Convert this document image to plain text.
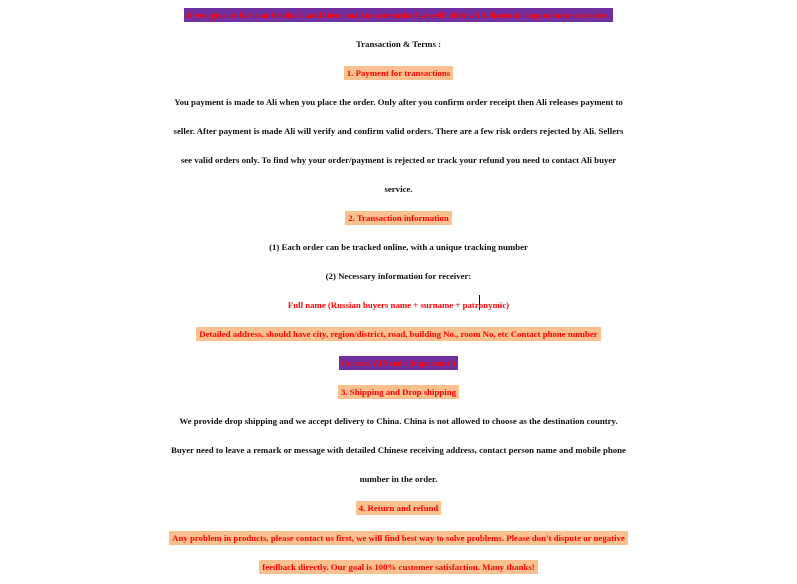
If you give us five star feedback and then email us screenshot! we will offer a $ 1 discount coupon for next orders.
Transaction & Terms :
1. Payment for transactions
You payment is made to Ali when you place the order. Only after you confirm order receipt then Ali releases payment to
seller. After payment is made Ali will verify and confirm valid orders. There are a few risk orders rejected by Ali. Sellers
see valid orders only. To find why your order/payment is rejected or track your refund you need to contact Ali buyer
service.
2. Transaction information
(1) Each order can be tracked online, with a unique tracking number
(2) Necessary information for receiver:
Full name (Russian buyers name + surname + patronymic)
Detailed address, should have city, region/district, road, building No., room No, etc Contact phone number
Correct ZIP code (important!)
3. Shipping and Drop shipping
We provide drop shipping and we accept delivery to China. China is not allowed to choose as the destination country.
Buyer need to leave a remark or message with detailed Chinese receiving address, contact person name and mobile phone
number in the order.
4. Return and refund
Any problem in products, please contact us first, we will find best way to solve problems. Please don't dispute or negative
feedback directly. Our goal is 100% customer satisfaction. Many thanks!
